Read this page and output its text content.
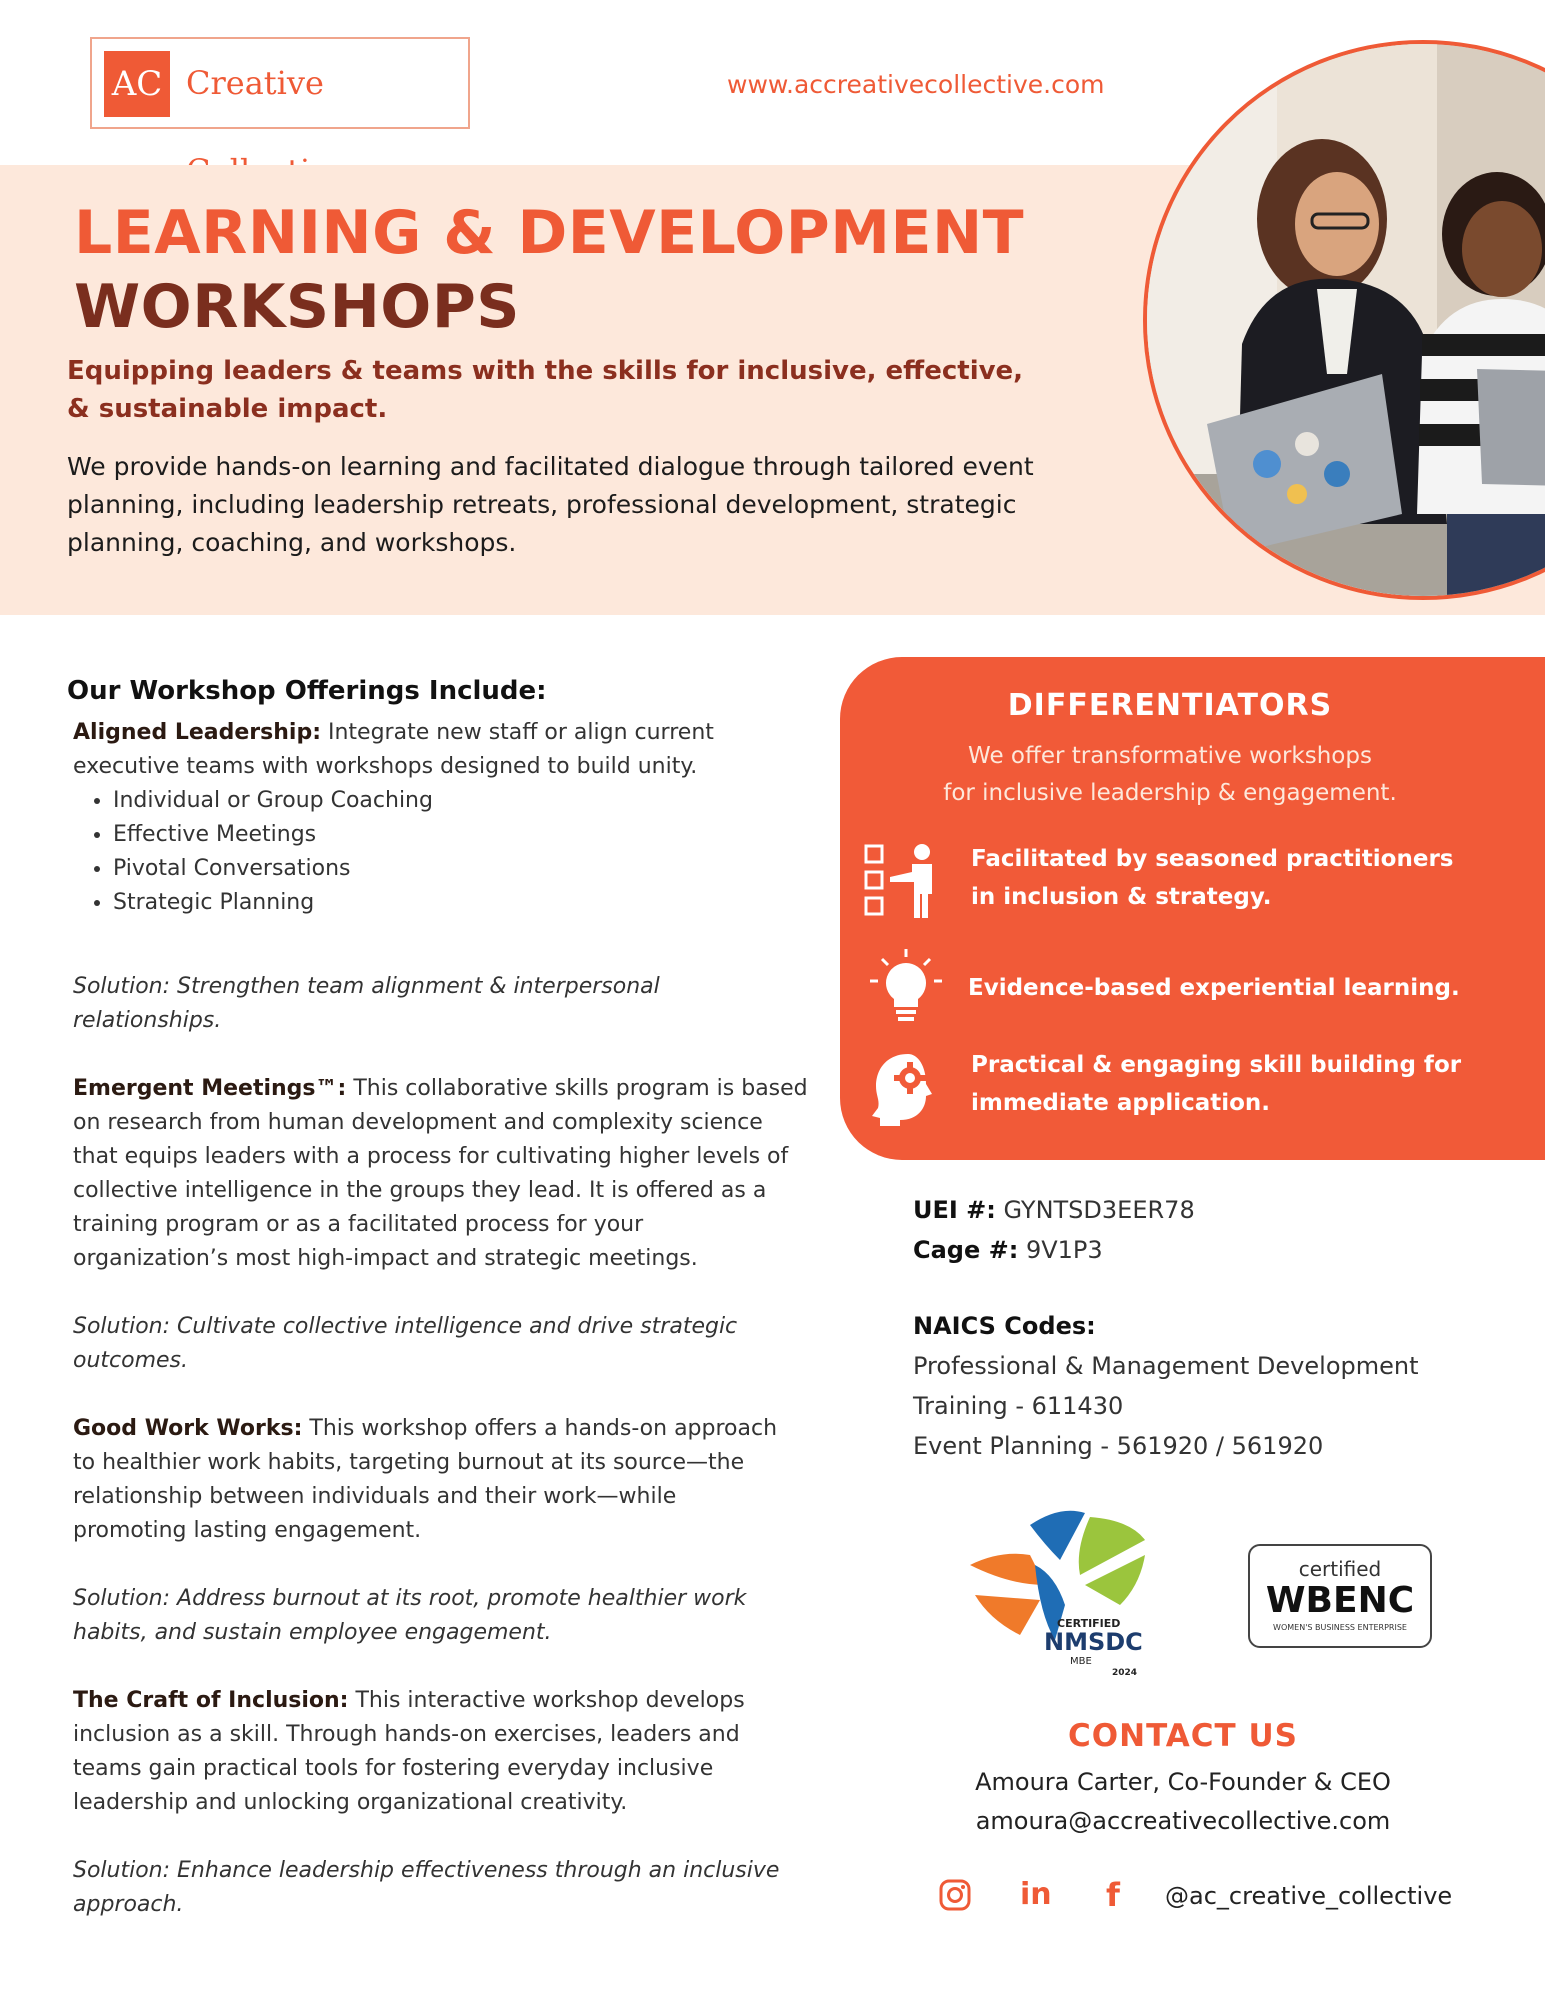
AC Creative	www.accreativecollective.com
LEARNING & DEVELOPMENT
WORKSHOPS
Equipping leaders & teams with the skills for inclusive, effective,
& sustainable impact.
We provide hands-on learning and facilitated dialogue through tailored event
planning, including leadership retreats, professional development, strategic
planning, coaching, and workshops.
Our Workshop Offerings Include:
Aligned Leadership: Integrate new staff or align current
executive teams with workshops designed to build unity.
• Individual or Group Coaching
• Effective Meetings
• Pivotal Conversations
• Strategic Planning
Solution: Strengthen team alignment & interpersonal
relationships.
Emergent Meetings™: This collaborative skills program is based
on research from human development and complexity science
that equips leaders with a process for cultivating higher levels of
collective intelligence in the groups they lead. It is offered as a
training program or as a facilitated process for your
organization’s most high-impact and strategic meetings.
Solution: Cultivate collective intelligence and drive strategic
outcomes.
Good Work Works: This workshop offers a hands-on approach
to healthier work habits, targeting burnout at its source—the
relationship between individuals and their work—while
promoting lasting engagement.
Solution: Address burnout at its root, promote healthier work
habits, and sustain employee engagement.
The Craft of Inclusion: This interactive workshop develops
inclusion as a skill. Through hands-on exercises, leaders and
teams gain practical tools for fostering everyday inclusive
leadership and unlocking organizational creativity.
Solution: Enhance leadership effectiveness through an inclusive
approach.
DIFFERENTIATORS
We offer transformative workshops
for inclusive leadership & engagement.
Facilitated by seasoned practitioners
in inclusion & strategy.
Evidence-based experiential learning.
Practical & engaging skill building for
immediate application.
UEI #: GYNTSD3EER78
Cage #: 9V1P3
NAICS Codes:
Professional & Management Development
Training - 611430
Event Planning - 561920 / 561920
CERTIFIED
NMSDC
MBE
2024
certified
WBENC
WOMEN'S BUSINESS ENTERPRISE
CONTACT US
Amoura Carter, Co-Founder & CEO
amoura@accreativecollective.com
in f @ac_creative_collective
